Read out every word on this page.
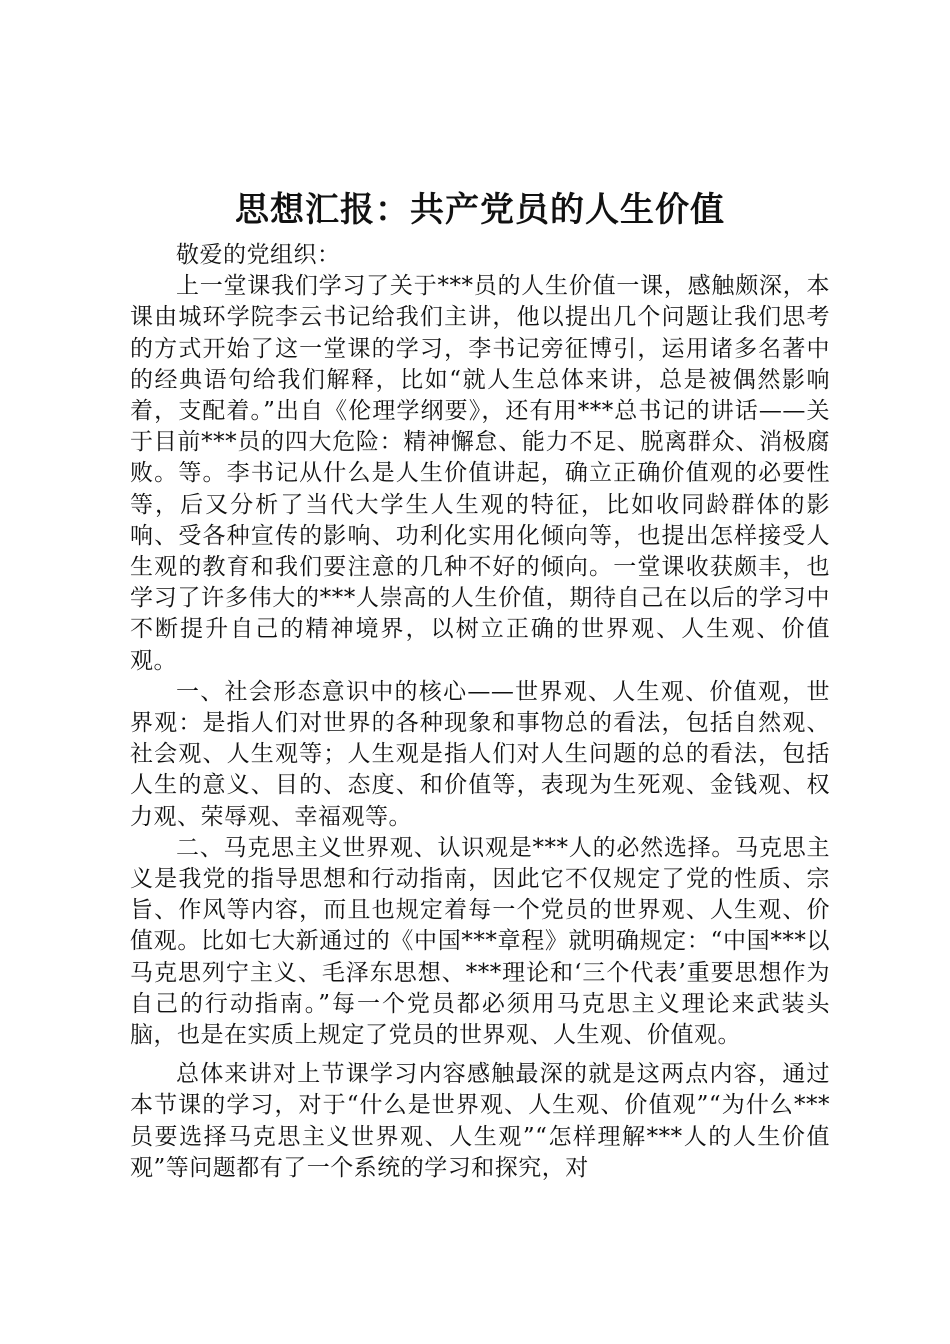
思想汇报：共产党员的人生价值

敬爱的党组织：

上一堂课我们学习了关于***员的人生价值一课，感触颇深，本课由城环学院李云书记给我们主讲，他以提出几个问题让我们思考的方式开始了这一堂课的学习，李书记旁征博引，运用诸多名著中的经典语句给我们解释，比如“就人生总体来讲，总是被偶然影响着，支配着。”出自《伦理学纲要》，还有用***总书记的讲话——关于目前***员的四大危险：精神懈怠、能力不足、脱离群众、消极腐败。等。李书记从什么是人生价值讲起，确立正确价值观的必要性等，后又分析了当代大学生人生观的特征，比如收同龄群体的影响、受各种宣传的影响、功利化实用化倾向等，也提出怎样接受人生观的教育和我们要注意的几种不好的倾向。一堂课收获颇丰，也学习了许多伟大的***人崇高的人生价值，期待自己在以后的学习中不断提升自己的精神境界，以树立正确的世界观、人生观、价值观。

一、社会形态意识中的核心——世界观、人生观、价值观，世界观：是指人们对世界的各种现象和事物总的看法，包括自然观、社会观、人生观等；人生观是指人们对人生问题的总的看法，包括人生的意义、目的、态度、和价值等，表现为生死观、金钱观、权力观、荣辱观、幸福观等。

二、马克思主义世界观、认识观是***人的必然选择。马克思主义是我党的指导思想和行动指南，因此它不仅规定了党的性质、宗旨、作风等内容，而且也规定着每一个党员的世界观、人生观、价值观。比如七大新通过的《中国***章程》就明确规定：“中国***以马克思列宁主义、毛泽东思想、***理论和‘三个代表’重要思想作为自己的行动指南。”每一个党员都必须用马克思主义理论来武装头脑，也是在实质上规定了党员的世界观、人生观、价值观。

总体来讲对上节课学习内容感触最深的就是这两点内容，通过本节课的学习，对于“什么是世界观、人生观、价值观”“为什么***员要选择马克思主义世界观、人生观”“怎样理解***人的人生价值观”等问题都有了一个系统的学习和探究，对
